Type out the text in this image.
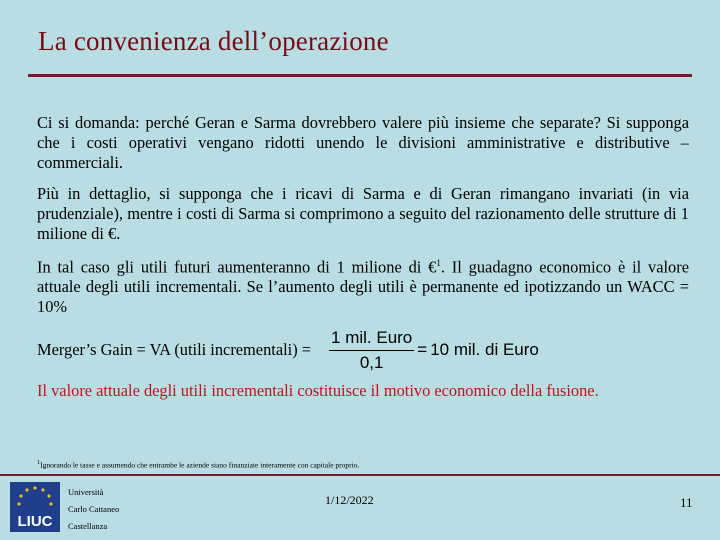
La convenienza dell’operazione

Ci si domanda: perché Geran e Sarma dovrebbero valere più insieme che separate? Si supponga che i costi operativi vengano ridotti unendo le divisioni amministrative e distributive – commerciali.

Più in dettaglio, si supponga che i ricavi di Sarma e di Geran rimangano invariati (in via prudenziale), mentre i costi di Sarma si comprimono a seguito del razionamento delle strutture di 1 milione di €.

In tal caso gli utili futuri aumenteranno di 1 milione di €$^1$. Il guadagno economico è il valore attuale degli utili incrementali. Se l’aumento degli utili è permanente ed ipotizzando un WACC = 10%

Merger’s Gain = VA (utili incrementali) = $\frac{\text{1 mil. Euro}}{0,1} = 10$ mil. di Euro

Il valore attuale degli utili incrementali costituisce il motivo economico della fusione.

$^1$Ignorando le tasse e assumendo che entrambe le aziende siano finanziate interamente con capitale proprio.
LIUC
Università
Carlo Cattaneo
Castellanza
1/12/2022	11
